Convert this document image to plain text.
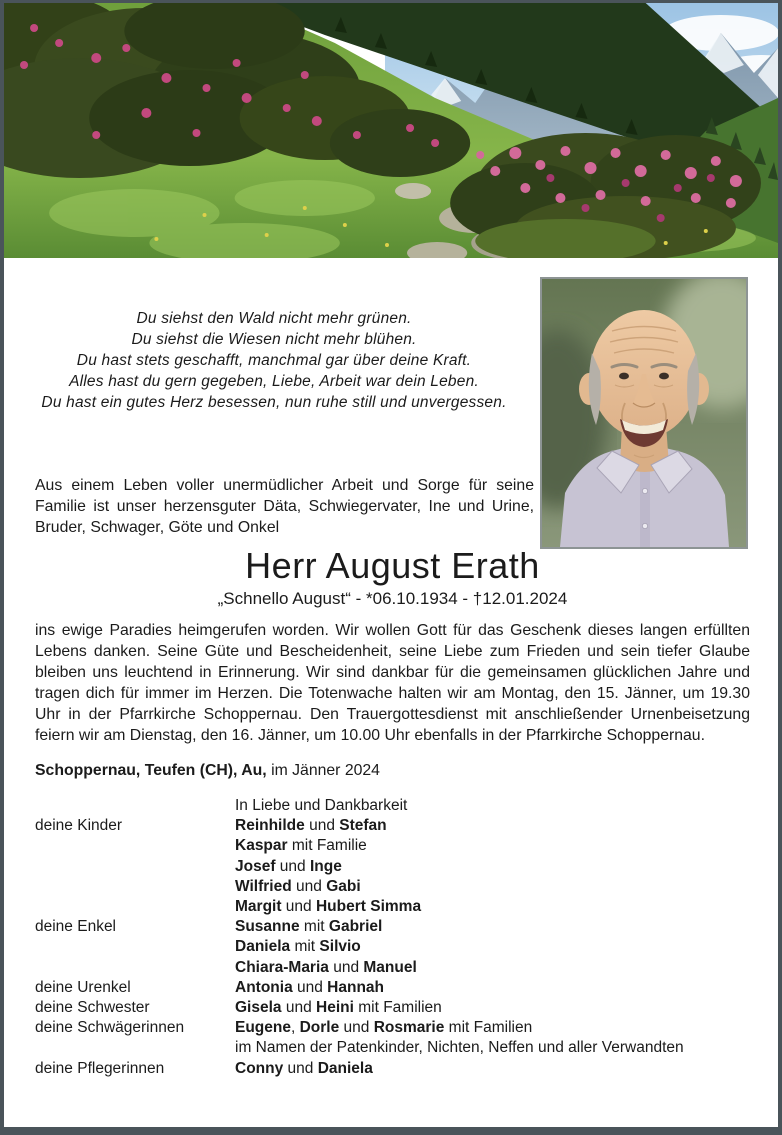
Du siehst den Wald nicht mehr grünen.
Du siehst die Wiesen nicht mehr blühen.
Du hast stets geschafft, manchmal gar über deine Kraft.
Alles hast du gern gegeben, Liebe, Arbeit war dein Leben.
Du hast ein gutes Herz besessen, nun ruhe still und unvergessen.

Aus einem Leben voller unermüdlicher Arbeit und Sorge für seine Familie ist unser herzensguter Däta, Schwiegervater, Ine und Urine, Bruder, Schwager, Göte und Onkel

Herr August Erath
„Schnello August“ - *06.10.1934 - †12.01.2024

ins ewige Paradies heimgerufen worden. Wir wollen Gott für das Geschenk dieses langen erfüllten Lebens danken. Seine Güte und Bescheidenheit, seine Liebe zum Frieden und sein tiefer Glaube bleiben uns leuchtend in Erinnerung. Wir sind dankbar für die gemeinsamen glücklichen Jahre und tragen dich für immer im Herzen. Die Totenwache halten wir am Montag, den 15. Jänner, um 19.30 Uhr in der Pfarrkirche Schoppernau. Den Trauergottesdienst mit anschließender Urnenbeisetzung feiern wir am Dienstag, den 16. Jänner, um 10.00 Uhr ebenfalls in der Pfarrkirche Schoppernau.

Schoppernau, Teufen (CH), Au, im Jänner 2024

In Liebe und Dankbarkeit
deine Kinder	Reinhilde und Stefan
Kaspar mit Familie
Josef und Inge
Wilfried und Gabi
Margit und Hubert Simma
deine Enkel	Susanne mit Gabriel
Daniela mit Silvio
Chiara-Maria und Manuel
deine Urenkel	Antonia und Hannah
deine Schwester	Gisela und Heini mit Familien
deine Schwägerinnen	Eugene, Dorle und Rosmarie mit Familien
im Namen der Patenkinder, Nichten, Neffen und aller Verwandten
deine Pflegerinnen	Conny und Daniela
